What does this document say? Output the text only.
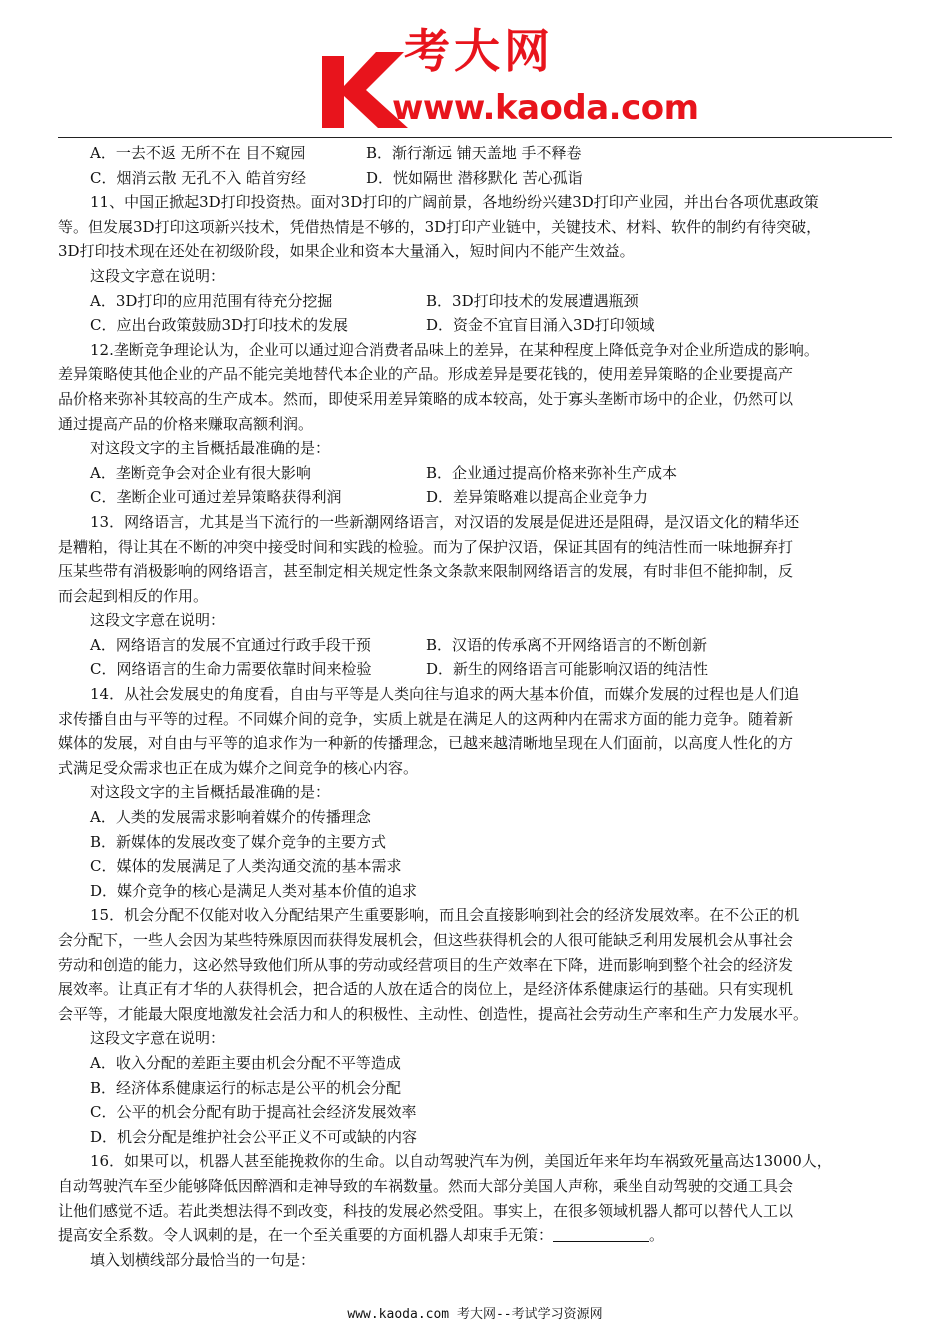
考大网
www.kaoda.com
A．一去不返 无所不在 目不窥园	B．渐行渐远 铺天盖地 手不释卷
C．烟消云散 无孔不入 皓首穷经	D．恍如隔世 潜移默化 苦心孤诣
11、中国正掀起3D打印投资热。面对3D打印的广阔前景，各地纷纷兴建3D打印产业园，并出台各项优惠政策
等。但发展3D打印这项新兴技术，凭借热情是不够的，3D打印产业链中，关键技术、材料、软件的制约有待突破，
3D打印技术现在还处在初级阶段，如果企业和资本大量涌入，短时间内不能产生效益。
这段文字意在说明：
A．3D打印的应用范围有待充分挖掘	B．3D打印技术的发展遭遇瓶颈
C．应出台政策鼓励3D打印技术的发展	D．资金不宜盲目涌入3D打印领域
12.垄断竞争理论认为，企业可以通过迎合消费者品味上的差异，在某种程度上降低竞争对企业所造成的影响。
差异策略使其他企业的产品不能完美地替代本企业的产品。形成差异是要花钱的，使用差异策略的企业要提高产
品价格来弥补其较高的生产成本。然而，即使采用差异策略的成本较高，处于寡头垄断市场中的企业，仍然可以
通过提高产品的价格来赚取高额利润。
对这段文字的主旨概括最准确的是：
A．垄断竞争会对企业有很大影响	B．企业通过提高价格来弥补生产成本
C．垄断企业可通过差异策略获得利润	D．差异策略难以提高企业竞争力
13．网络语言，尤其是当下流行的一些新潮网络语言，对汉语的发展是促进还是阻碍，是汉语文化的精华还
是糟粕，得让其在不断的冲突中接受时间和实践的检验。而为了保护汉语，保证其固有的纯洁性而一味地摒弃打
压某些带有消极影响的网络语言，甚至制定相关规定性条文条款来限制网络语言的发展，有时非但不能抑制，反
而会起到相反的作用。
这段文字意在说明：
A．网络语言的发展不宜通过行政手段干预	B．汉语的传承离不开网络语言的不断创新
C．网络语言的生命力需要依靠时间来检验	D．新生的网络语言可能影响汉语的纯洁性
14．从社会发展史的角度看，自由与平等是人类向往与追求的两大基本价值，而媒介发展的过程也是人们追
求传播自由与平等的过程。不同媒介间的竞争，实质上就是在满足人的这两种内在需求方面的能力竞争。随着新
媒体的发展，对自由与平等的追求作为一种新的传播理念，已越来越清晰地呈现在人们面前，以高度人性化的方
式满足受众需求也正在成为媒介之间竞争的核心内容。
对这段文字的主旨概括最准确的是：
A．人类的发展需求影响着媒介的传播理念
B．新媒体的发展改变了媒介竞争的主要方式
C．媒体的发展满足了人类沟通交流的基本需求
D．媒介竞争的核心是满足人类对基本价值的追求
15．机会分配不仅能对收入分配结果产生重要影响，而且会直接影响到社会的经济发展效率。在不公正的机
会分配下，一些人会因为某些特殊原因而获得发展机会，但这些获得机会的人很可能缺乏利用发展机会从事社会
劳动和创造的能力，这必然导致他们所从事的劳动或经营项目的生产效率在下降，进而影响到整个社会的经济发
展效率。让真正有才华的人获得机会，把合适的人放在适合的岗位上，是经济体系健康运行的基础。只有实现机
会平等，才能最大限度地激发社会活力和人的积极性、主动性、创造性，提高社会劳动生产率和生产力发展水平。
这段文字意在说明：
A．收入分配的差距主要由机会分配不平等造成
B．经济体系健康运行的标志是公平的机会分配
C．公平的机会分配有助于提高社会经济发展效率
D．机会分配是维护社会公平正义不可或缺的内容
16．如果可以，机器人甚至能挽救你的生命。以自动驾驶汽车为例，美国近年来年均车祸致死量高达13000人，
自动驾驶汽车至少能够降低因醉酒和走神导致的车祸数量。然而大部分美国人声称，乘坐自动驾驶的交通工具会
让他们感觉不适。若此类想法得不到改变，科技的发展必然受阻。事实上，在很多领域机器人都可以替代人工以
提高安全系数。令人讽刺的是，在一个至关重要的方面机器人却束手无策：	。
填入划横线部分最恰当的一句是：
www.kaoda.com 考大网--考试学习资源网
